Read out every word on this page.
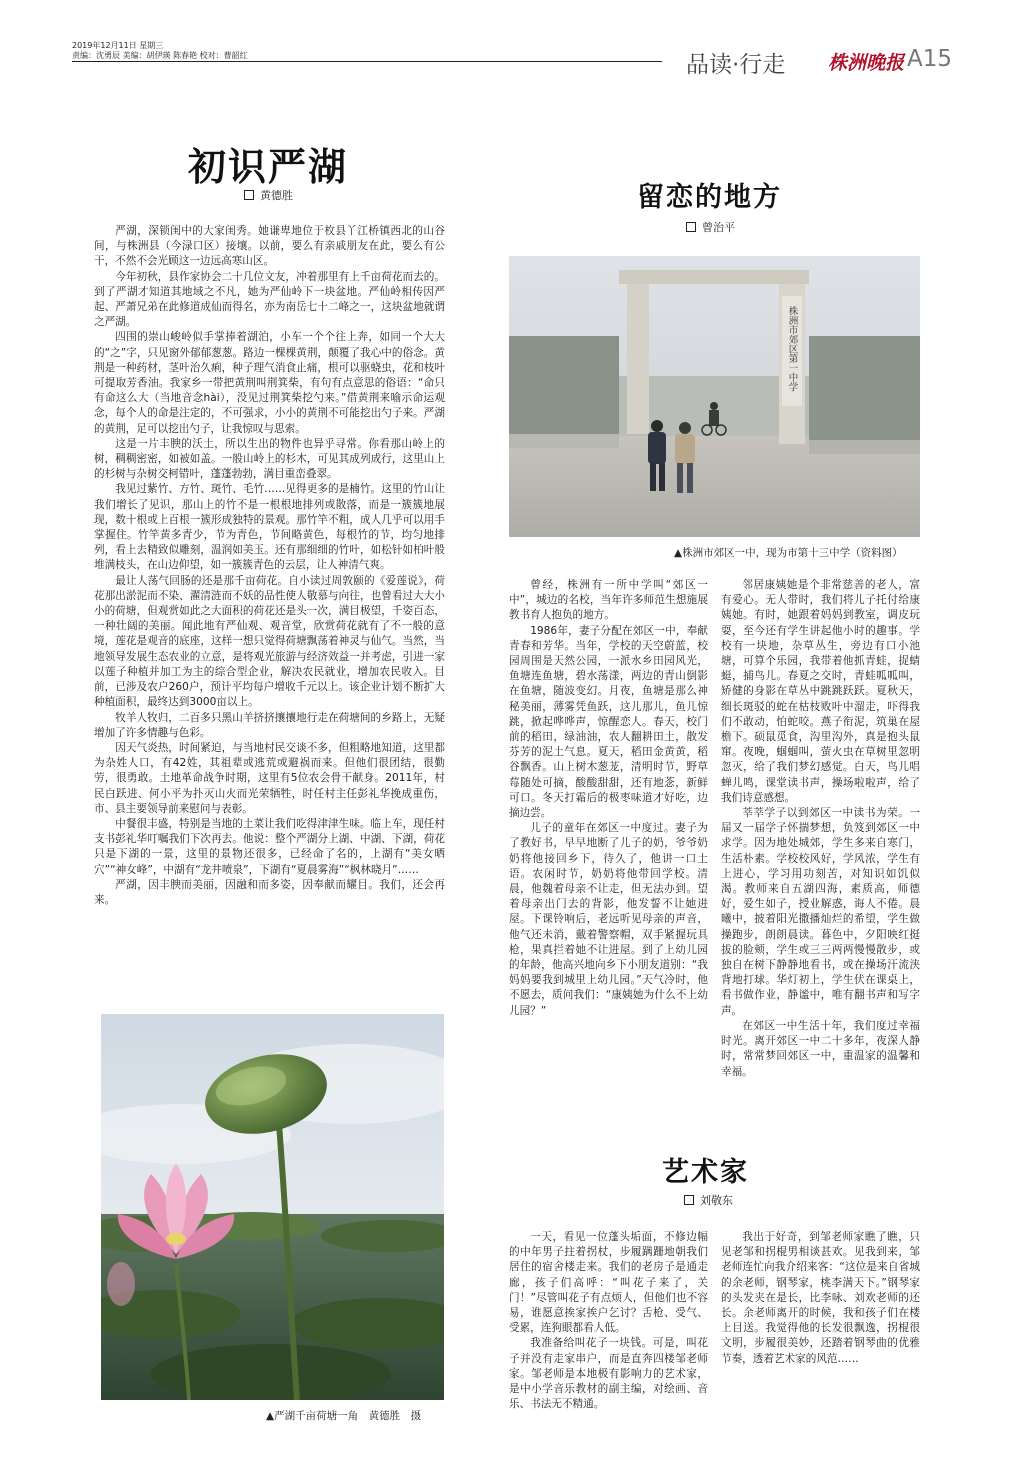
2019年12月11日 星期三
责编：沈勇辰 美编：胡伊瑛 陈春艳 校对：曹韶红	品读·行走 株洲晚报 A15
初识严湖
黄德胜

严湖，深锁闺中的大家闺秀。她谦卑地位于枚县丫江桥镇西北的山谷间，与株洲县（今渌口区）接壤。以前，要么有亲戚朋友在此，要么有公干，不然不会光顾这一边远高寒山区。

今年初秋，县作家协会二十几位文友，冲着那里有上千亩荷花而去的。到了严湖才知道其地域之不凡，她为严仙岭下一块盆地。严仙岭相传因严起、严萧兄弟在此修道成仙而得名，亦为南岳七十二峰之一，这块盆地就谓之严湖。

四围的崇山峻岭似手掌捧着湖泊，小车一个个往上奔，如同一个大大的“之”字，只见窗外郁郁葱葱。路边一棵棵黄荆，颠覆了我心中的俗念。黄荆是一种药材，茎叶治久痢，种子理气消食止痛，根可以驱蛲虫，花和枝叶可提取芳香油。我家乡一带把黄荆叫荆箕柴，有句有点意思的俗语：“命只有命这么大（当地音念hài），没见过荆箕柴挖勺来。”借黄荆来喻示命运观念，每个人的命是注定的，不可强求，小小的黄荆不可能挖出勺子来。严湖的黄荆，足可以挖出勺子，让我惊叹与思索。

这是一片丰腴的沃土，所以生出的物件也异乎寻常。你看那山岭上的树，稠稠密密，如被如盖。一般山岭上的杉木，可见其成列成行，这里山上的杉树与杂树交柯错叶，蓬蓬勃勃，满目重峦叠翠。

我见过紫竹、方竹、斑竹、毛竹……见得更多的是楠竹。这里的竹山让我们增长了见识，那山上的竹不是一根根地排列或散落，而是一簇簇地展现，数十根或上百根一簇形成独特的景观。那竹竿不粗，成人几乎可以用手掌握住。竹竿黄多青少，节为青色，节间略黄色，每根竹的节，均匀地排列，看上去精致似雕刻，温润如美玉。还有那细细的竹叶，如松针如柏叶般堆满枝头，在山边仰望，如一簇簇青色的云层，让人神清气爽。

最让人荡气回肠的还是那千亩荷花。自小读过周敦颐的《爱莲说》，荷花那出淤泥而不染、濯清涟而不妖的品性使人敬慕与向往，也曾看过大大小小的荷塘，但观赏如此之大面积的荷花还是头一次，满目极望，千姿百态，一种壮阔的美丽。闻此地有严仙观、观音堂，欣赏荷花就有了不一般的意境，莲花是观音的底座，这样一想只觉得荷塘飘荡着神灵与仙气。当然，当地领导发展生态农业的立意，是将观光旅游与经济效益一并考虑，引进一家以莲子种植并加工为主的综合型企业，解决农民就业，增加农民收入。目前，已涉及农户260户，预计平均每户增收千元以上。该企业计划不断扩大种植面积，最终达到3000亩以上。

牧羊人牧归，二百多只黑山羊挤挤攘攘地行走在荷塘间的乡路上，无疑增加了许多情趣与色彩。

因天气炎热，时间紧迫，与当地村民交谈不多，但粗略地知道，这里都为杂姓人口，有42姓，其祖辈或逃荒或避祸而来。但他们很团结，很勤劳，很勇敢。土地革命战争时期，这里有5位农会骨干献身。2011年，村民白跃进、何小平为扑灭山火而光荣牺牲，时任村主任彭礼华挽成重伤，市、县主要领导前来慰问与表彰。

中餐很丰盛，特别是当地的土菜让我们吃得津津生味。临上车，现任村支书彭礼华叮嘱我们下次再去。他说：整个严湖分上湖、中湖、下湖，荷花只是下湖的一景，这里的景物还很多，已经命了名的，上湖有“美女晒穴”“神女峰”，中湖有“龙井喷泉”，下湖有“夏晨雾海”“枫林晓月”……

严湖，因丰腴而美丽，因融和而多姿，因奉献而耀目。我们，还会再来。

▲严湖千亩荷塘一角　黄德胜　摄
留恋的地方
曾治平
株洲市郊区第一中学
▲株洲市郊区一中，现为市第十三中学（资料图）

曾经，株洲有一所中学叫“郊区一中”，城边的名校，当年许多师范生想施展教书育人抱负的地方。

1986年，妻子分配在郊区一中，奉献青春和芳华。当年，学校的天空蔚蓝，校园周围是天然公园，一派水乡田园风光，鱼塘连鱼塘，碧水荡漾，两边的青山倒影在鱼塘，随波变幻。月夜，鱼塘是那么神秘美丽，薄雾凭鱼跃，这儿那儿，鱼儿惊跳，掀起哗哗声，惊醒恋人。春天，校门前的稻田，绿油油，农人翻耕田土，散发芬芳的泥土气息。夏天，稻田金黄黄，稻谷飘香。山上树木葱茏，清明时节，野草莓随处可摘，酸酸甜甜，还有地菍，新鲜可口。冬天打霜后的极枣味道才好吃，边摘边尝。

儿子的童年在郊区一中度过。妻子为了教好书，早早地断了儿子的奶，爷爷奶奶将他接回乡下，待久了，他讲一口土语。农闲时节，奶奶将他带回学校。清晨，他魏着母亲不让走，但无法办到。望着母亲出门去的背影，他发誓不让她进屋。下课铃响后，老远听见母亲的声音，他气还未消，戴着警察帽，双手紧握玩具枪，果真拦着她不让进屋。到了上幼儿园的年龄，他高兴地向乡下小朋友道别：“我妈妈要我到城里上幼儿园。”天气冷时，他不愿去，质问我们：“康姨她为什么不上幼儿园？”

邻居康姨她是个非常慈善的老人，富有爱心。无人带时，我们将儿子托付给康姨她。有时，她跟着妈妈到教室，调皮玩耍，至今还有学生讲起他小时的趣事。学校有一块地，杂草丛生，旁边有口小池塘，可算个乐园，我带着他抓青蛙，捉蜻蜓，捕鸟儿。春夏之交时，青蛙呱呱叫，矫健的身影在草丛中跳跳跃跃。夏秋天，细长斑驳的蛇在枯枝败叶中溜走，吓得我们不敢动，怕蛇咬。燕子衔泥，筑巢在屋檐下。硕鼠觅食，沟里沟外，真是抱头鼠窜。夜晚，蝈蝈叫，萤火虫在草树里忽明忽灭，给了我们梦幻感觉。白天，鸟儿唱蝉儿鸣，课堂读书声，操场啦啦声，给了我们诗意感想。

莘莘学子以到郊区一中读书为荣。一届又一届学子怀揣梦想，负笈到郊区一中求学。因为地处城郊，学生多来自寒门，生活朴素。学校校风好，学风浓，学生有上进心，学习用功刻苦，对知识如饥似渴。教师来自五湖四海，素质高，师德好，爱生如子，授业解惑，诲人不倦。晨曦中，披着阳光撒播灿烂的希望，学生做操跑步，朗朗晨读。暮色中，夕阳映红挺拔的脸颊，学生或三三两两慢慢散步，或独自在树下静静地看书，或在操场汗流浃背地打球。华灯初上，学生伏在课桌上，看书做作业，静谧中，唯有翻书声和写字声。

在郊区一中生活十年，我们度过幸福时光。离开郊区一中二十多年，夜深人静时，常常梦回郊区一中，重温家的温馨和幸福。

艺术家
刘敬东

一天，看见一位蓬头垢面，不修边幅的中年男子拄着拐杖，步履蹒跚地朝我们居住的宿舍楼走来。我们的老房子是通走廊，孩子们高呼：“叫花子来了，关门！”尽管叫花子有点烦人，但他们也不容易，谁愿意挨家挨户乞讨？舌枪、受气、受累，连狗眼都看人低。

我准备给叫花子一块钱。可是，叫花子并没有走家串户，而是直奔四楼邹老师家。邹老师是本地极有影响力的艺术家，是中小学音乐教材的副主编，对绘画、音乐、书法无不精通。

我出于好奇，到邹老师家瞧了瞧，只见老邹和拐棍男相谈甚欢。见我到来，邹老师连忙向我介绍来客：“这位是来自省城的余老师，钢琴家，桃李满天下。”钢琴家的头发夹在是长，比李咏、刘欢老师的还长。余老师离开的时候，我和孩子们在楼上目送。我觉得他的长发很飘逸，拐棍很文明，步履很美妙，还踏着钢琴曲的优雅节奏，透着艺术家的风范……
